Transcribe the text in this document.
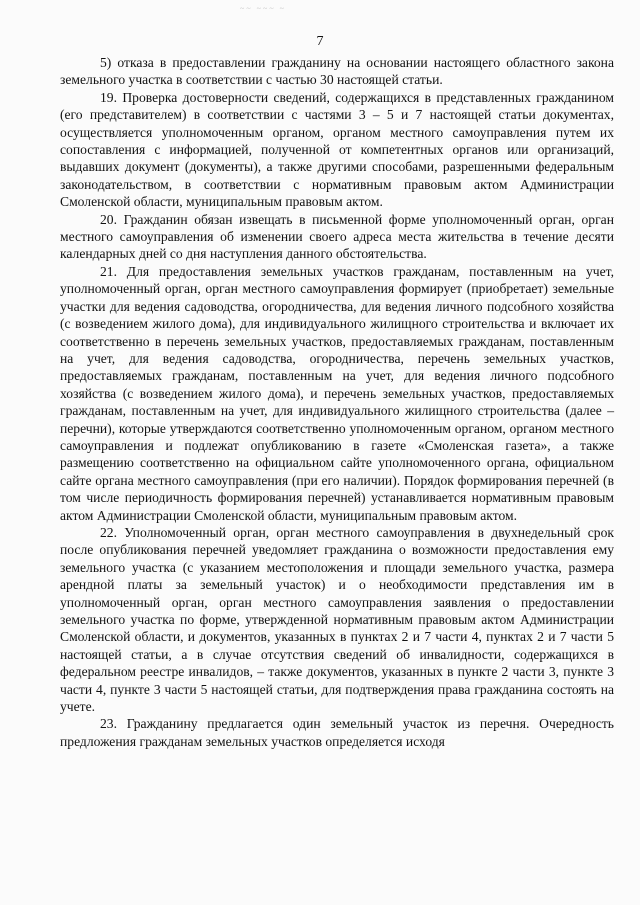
~~ ~~~ ~
7

5) отказа в предоставлении гражданину на основании настоящего областного закона земельного участка в соответствии с частью 30 настоящей статьи.

19. Проверка достоверности сведений, содержащихся в представленных гражданином (его представителем) в соответствии с частями 3 – 5 и 7 настоящей статьи документах, осуществляется уполномоченным органом, органом местного самоуправления путем их сопоставления с информацией, полученной от компетентных органов или организаций, выдавших документ (документы), а также другими способами, разрешенными федеральным законодательством, в соответствии с нормативным правовым актом Администрации Смоленской области, муниципальным правовым актом.

20. Гражданин обязан извещать в письменной форме уполномоченный орган, орган местного самоуправления об изменении своего адреса места жительства в течение десяти календарных дней со дня наступления данного обстоятельства.

21. Для предоставления земельных участков гражданам, поставленным на учет, уполномоченный орган, орган местного самоуправления формирует (приобретает) земельные участки для ведения садоводства, огородничества, для ведения личного подсобного хозяйства (с возведением жилого дома), для индивидуального жилищного строительства и включает их соответственно в перечень земельных участков, предоставляемых гражданам, поставленным на учет, для ведения садоводства, огородничества, перечень земельных участков, предоставляемых гражданам, поставленным на учет, для ведения личного подсобного хозяйства (с возведением жилого дома), и перечень земельных участков, предоставляемых гражданам, поставленным на учет, для индивидуального жилищного строительства (далее – перечни), которые утверждаются соответственно уполномоченным органом, органом местного самоуправления и подлежат опубликованию в газете «Смоленская газета», а также размещению соответственно на официальном сайте уполномоченного органа, официальном сайте органа местного самоуправления (при его наличии). Порядок формирования перечней (в том числе периодичность формирования перечней) устанавливается нормативным правовым актом Администрации Смоленской области, муниципальным правовым актом.

22. Уполномоченный орган, орган местного самоуправления в двухнедельный срок после опубликования перечней уведомляет гражданина о возможности предоставления ему земельного участка (с указанием местоположения и площади земельного участка, размера арендной платы за земельный участок) и о необходимости представления им в уполномоченный орган, орган местного самоуправления заявления о предоставлении земельного участка по форме, утвержденной нормативным правовым актом Администрации Смоленской области, и документов, указанных в пунктах 2 и 7 части 4, пунктах 2 и 7 части 5 настоящей статьи, а в случае отсутствия сведений об инвалидности, содержащихся в федеральном реестре инвалидов, – также документов, указанных в пункте 2 части 3, пункте 3 части 4, пункте 3 части 5 настоящей статьи, для подтверждения права гражданина состоять на учете.

23. Гражданину предлагается один земельный участок из перечня. Очередность предложения гражданам земельных участков определяется исходя
